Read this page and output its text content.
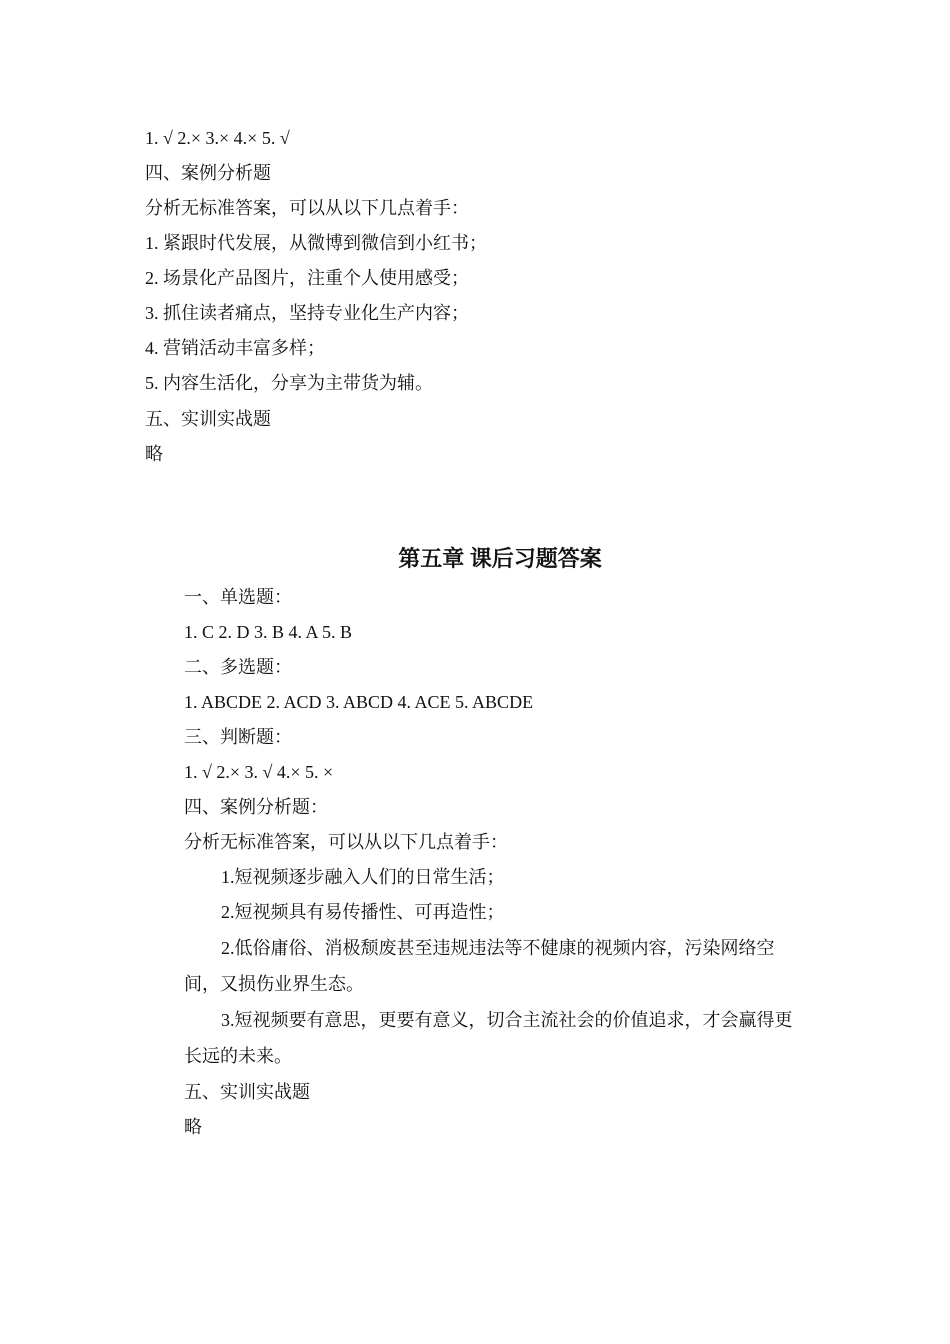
1. √ 2.× 3.× 4.× 5. √
四、案例分析题
分析无标准答案，可以从以下几点着手：
1. 紧跟时代发展，从微博到微信到小红书；
2. 场景化产品图片，注重个人使用感受；
3. 抓住读者痛点，坚持专业化生产内容；
4. 营销活动丰富多样；
5. 内容生活化，分享为主带货为辅。
五、实训实战题
略
第五章 课后习题答案
一、单选题：
1. C 2. D 3. B 4. A 5. B
二、多选题：
1. ABCDE 2. ACD 3. ABCD 4. ACE 5. ABCDE
三、判断题：
1. √ 2.× 3. √ 4.× 5. ×
四、案例分析题：
分析无标准答案，可以从以下几点着手：
1.短视频逐步融入人们的日常生活；
2.短视频具有易传播性、可再造性；
2.低俗庸俗、消极颓废甚至违规违法等不健康的视频内容，污染网络空
间，又损伤业界生态。
3.短视频要有意思，更要有意义，切合主流社会的价值追求，才会赢得更
长远的未来。
五、实训实战题
略
